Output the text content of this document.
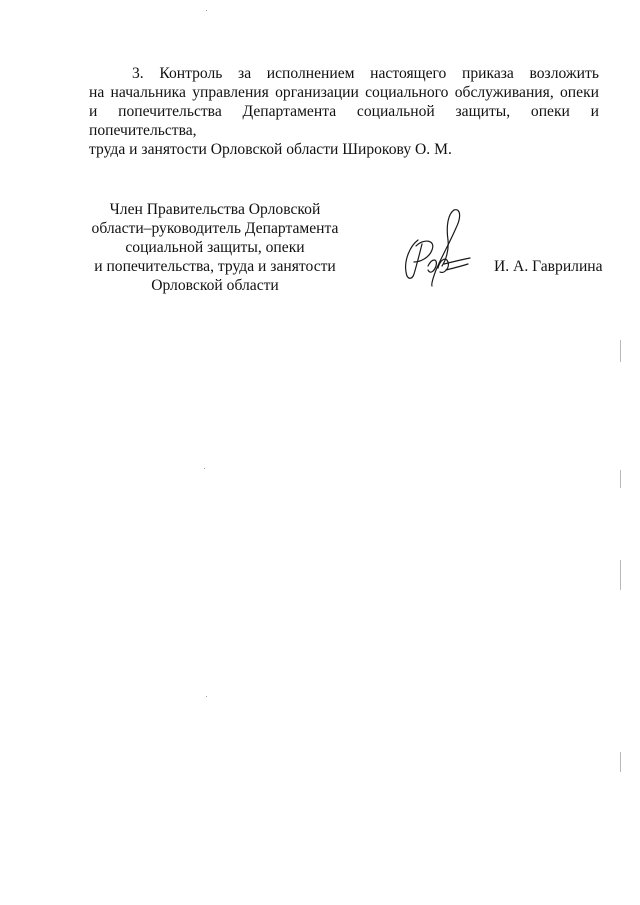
3. Контроль за исполнением настоящего приказа возложить
на начальника управления организации социального обслуживания, опеки
и попечительства Департамента социальной защиты, опеки и попечительства,
труда и занятости Орловской области Широкову О. М.
Член Правительства Орловской
области–руководитель Департамента
социальной защиты, опеки
и попечительства, труда и занятости
Орловской области
И. А. Гаврилина
